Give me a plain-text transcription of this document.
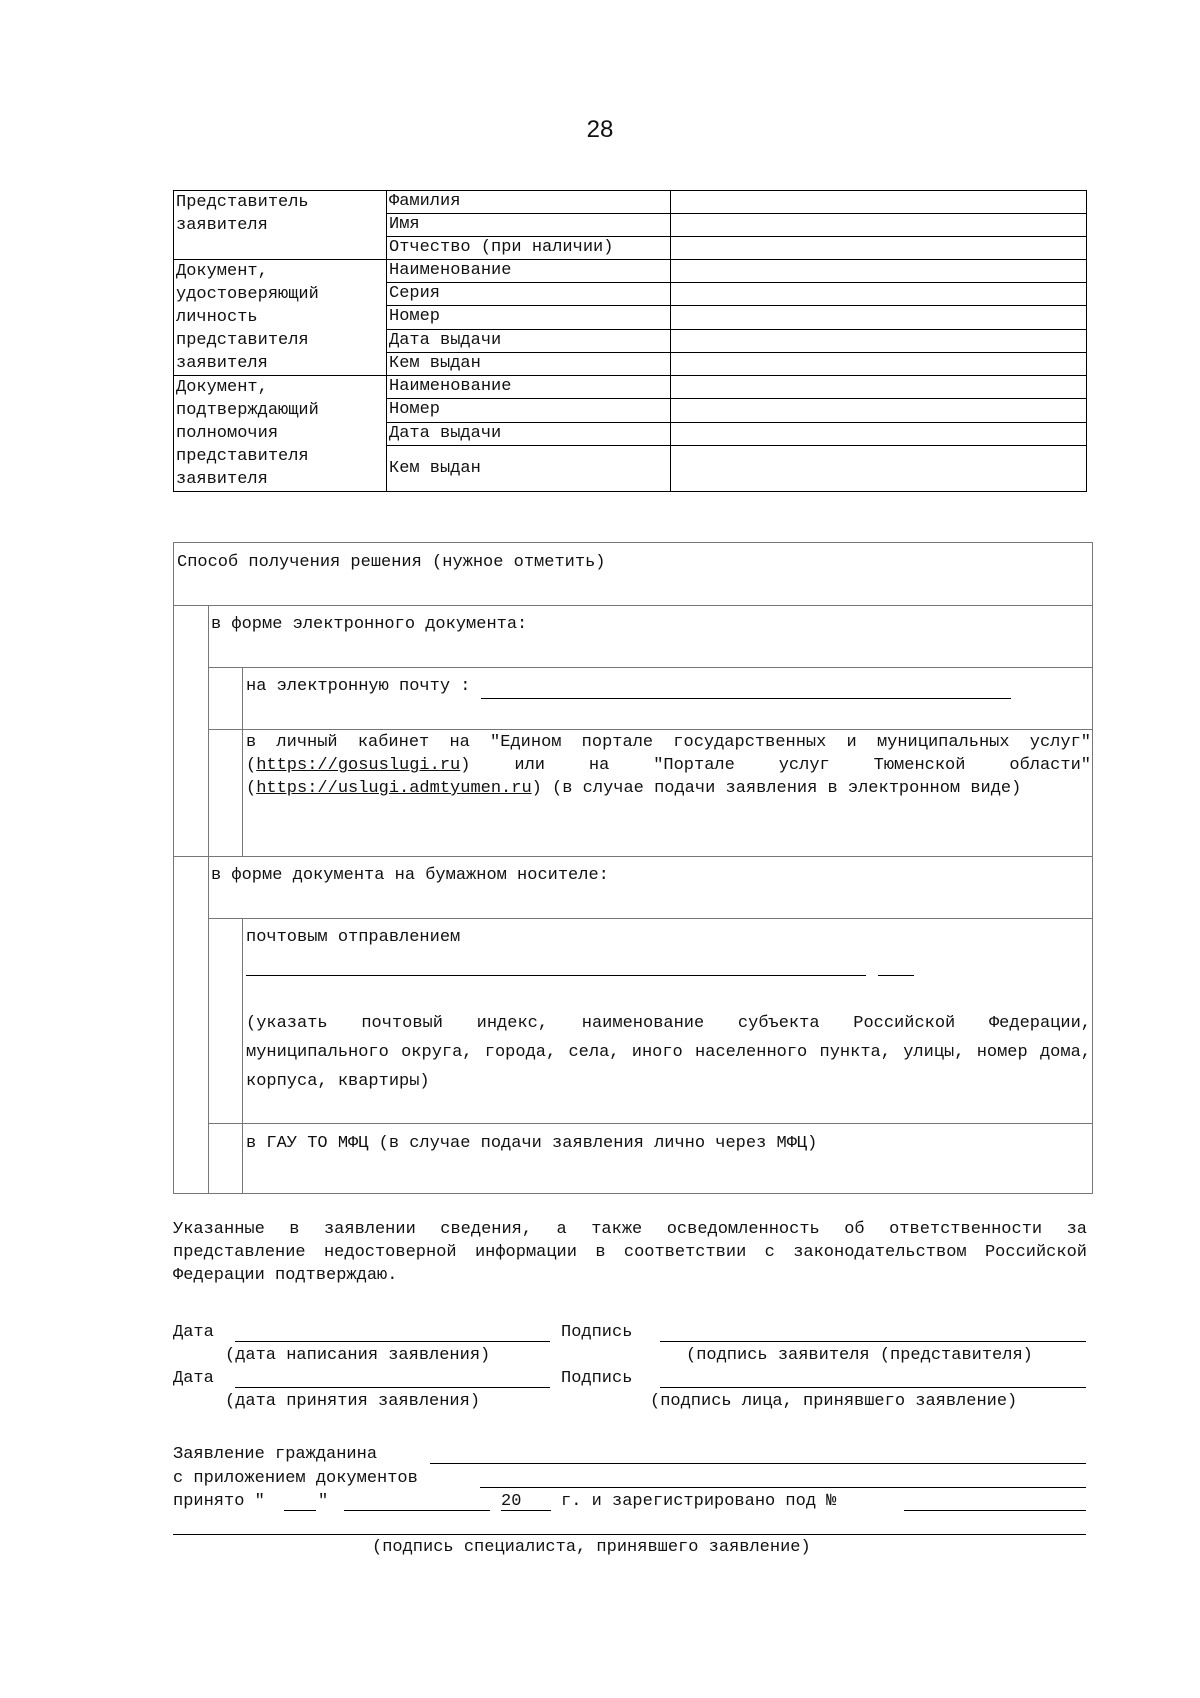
28
Представитель заявителя	Фамилия	
	Имя	
	Отчество (при наличии)	
Документ, удостоверяющий личность представителя заявителя	Наименование	
	Серия	
	Номер	
	Дата выдачи	
	Кем выдан	
Документ, подтверждающий полномочия представителя заявителя	Наименование	
	Номер	
	Дата выдачи	
	Кем выдан	
Способ получения решения (нужное отметить)
в форме электронного документа:
на электронную почту :
в личный кабинет на "Едином портале государственных и муниципальных услуг" (https://gosuslugi.ru) или на "Портале услуг Тюменской области" (https://uslugi.admtyumen.ru) (в случае подачи заявления в электронном виде)
в форме документа на бумажном носителе:
почтовым отправлением
(указать почтовый индекс, наименование субъекта Российской Федерации, муниципального округа, города, села, иного населенного пункта, улицы, номер дома, корпуса, квартиры)
в ГАУ ТО МФЦ (в случае подачи заявления лично через МФЦ)
Указанные в заявлении сведения, а также осведомленность об ответственности за представление недостоверной информации в соответствии с законодательством Российской Федерации подтверждаю.
Дата	Подпись
(дата написания заявления)	(подпись заявителя (представителя)
Дата	Подпись
(дата принятия заявления)	(подпись лица, принявшего заявление)
Заявление гражданина
с приложением документов
принято "	"	20 г. и зарегистрировано под №
(подпись специалиста, принявшего заявление)
